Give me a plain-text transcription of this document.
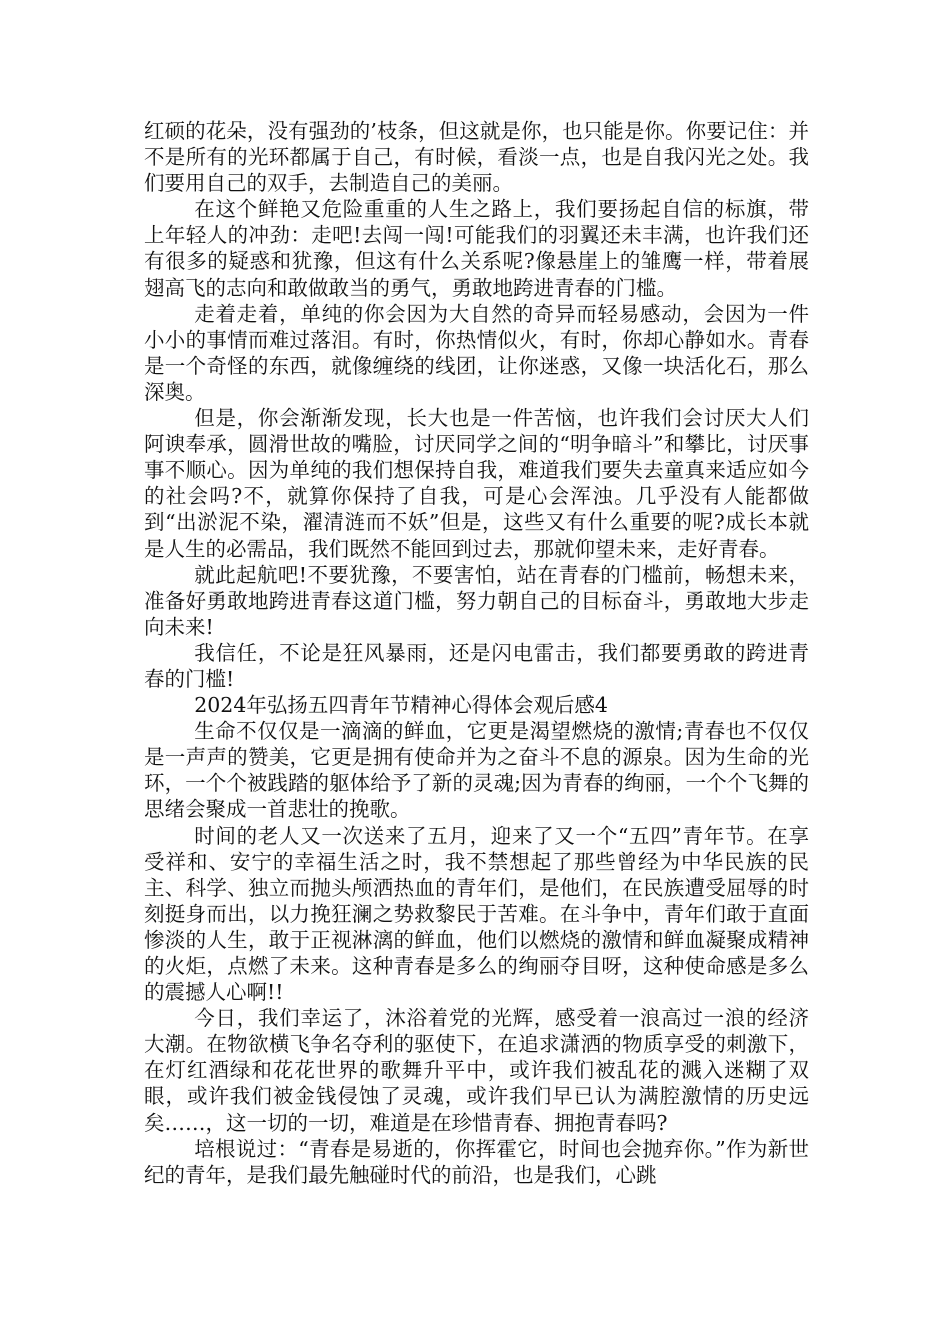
红硕的花朵，没有强劲的’枝条，但这就是你，也只能是你。你要记住：并不是所有的光环都属于自己，有时候，看淡一点，也是自我闪光之处。我们要用自己的双手，去制造自己的美丽。

在这个鲜艳又危险重重的人生之路上，我们要扬起自信的标旗，带上年轻人的冲劲：走吧!去闯一闯!可能我们的羽翼还未丰满，也许我们还有很多的疑惑和犹豫，但这有什么关系呢?像悬崖上的雏鹰一样，带着展翅高飞的志向和敢做敢当的勇气，勇敢地跨进青春的门槛。

走着走着，单纯的你会因为大自然的奇异而轻易感动，会因为一件小小的事情而难过落泪。有时，你热情似火，有时，你却心静如水。青春是一个奇怪的东西，就像缠绕的线团，让你迷惑，又像一块活化石，那么深奥。

但是，你会渐渐发现，长大也是一件苦恼，也许我们会讨厌大人们阿谀奉承，圆滑世故的嘴脸，讨厌同学之间的“明争暗斗”和攀比，讨厌事事不顺心。因为单纯的我们想保持自我，难道我们要失去童真来适应如今的社会吗?不，就算你保持了自我，可是心会浑浊。几乎没有人能都做到“出淤泥不染，濯清涟而不妖”但是，这些又有什么重要的呢?成长本就是人生的必需品，我们既然不能回到过去，那就仰望未来，走好青春。

就此起航吧!不要犹豫，不要害怕，站在青春的门槛前，畅想未来，准备好勇敢地跨进青春这道门槛，努力朝自己的目标奋斗，勇敢地大步走向未来!

我信任，不论是狂风暴雨，还是闪电雷击，我们都要勇敢的跨进青春的门槛!

2024年弘扬五四青年节精神心得体会观后感4

生命不仅仅是一滴滴的鲜血，它更是渴望燃烧的激情;青春也不仅仅是一声声的赞美，它更是拥有使命并为之奋斗不息的源泉。因为生命的光环，一个个被践踏的躯体给予了新的灵魂;因为青春的绚丽，一个个飞舞的思绪会聚成一首悲壮的挽歌。

时间的老人又一次送来了五月，迎来了又一个“五四”青年节。在享受祥和、安宁的幸福生活之时，我不禁想起了那些曾经为中华民族的民主、科学、独立而抛头颅洒热血的青年们，是他们，在民族遭受屈辱的时刻挺身而出，以力挽狂澜之势救黎民于苦难。在斗争中，青年们敢于直面惨淡的人生，敢于正视淋漓的鲜血，他们以燃烧的激情和鲜血凝聚成精神的火炬，点燃了未来。这种青春是多么的绚丽夺目呀，这种使命感是多么的震撼人心啊!!

今日，我们幸运了，沐浴着党的光辉，感受着一浪高过一浪的经济大潮。在物欲横飞争名夺利的驱使下，在追求潇洒的物质享受的刺激下，在灯红酒绿和花花世界的歌舞升平中，或许我们被乱花的溅入迷糊了双眼，或许我们被金钱侵蚀了灵魂，或许我们早已认为满腔激情的历史远矣……，这一切的一切，难道是在珍惜青春、拥抱青春吗?

培根说过：“青春是易逝的，你挥霍它，时间也会抛弃你。”作为新世纪的青年，是我们最先触碰时代的前沿，也是我们，心跳
